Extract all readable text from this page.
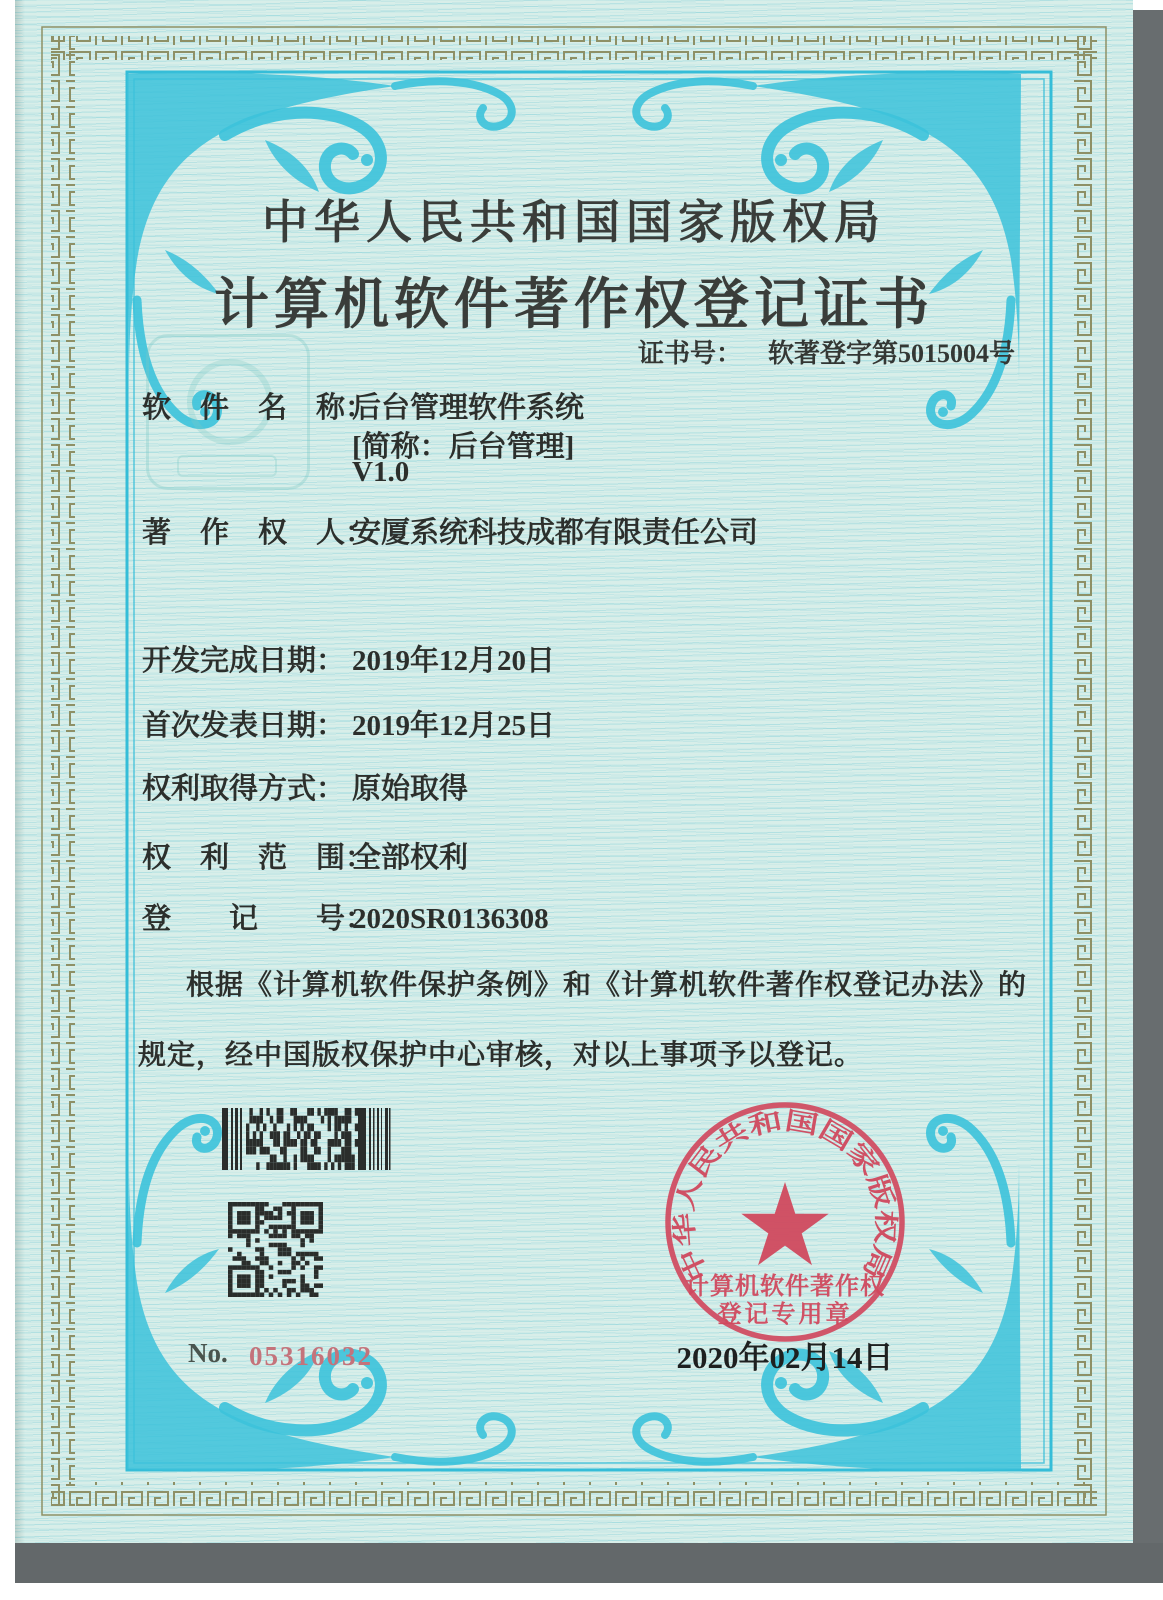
中华人民共和国国家版权局
计算机软件著作权登记证书
证书号： 软著登字第5015004号
软　件　名　称：后台管理软件系统
[简称：后台管理]
V1.0
著　作　权　人：安厦系统科技成都有限责任公司
开发完成日期： 2019年12月20日
首次发表日期： 2019年12月25日
权利取得方式： 原始取得
权　利　范　围：全部权利
登　　记　　号：2020SR0136308
根据《计算机软件保护条例》和《计算机软件著作权登记办法》的
规定，经中国版权保护中心审核，对以上事项予以登记。
中华人民共和国国家版权局
计算机软件著作权
登记专用章
2020年02月14日
No. 05316032
